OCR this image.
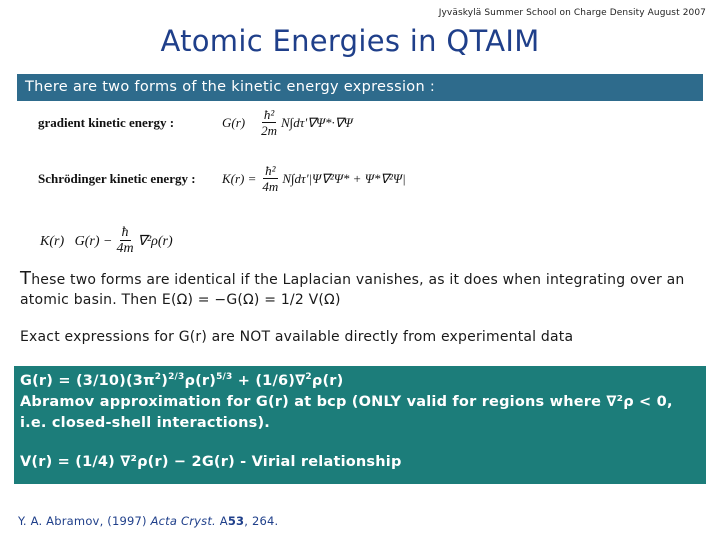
Jyväskylä Summer School on Charge Density August 2007
Atomic Energies in QTAIM
There are two forms of the kinetic energy expression :
gradient kinetic energy :	$G(r) \frac{\text{ħ²}}{2m} N\int d\tau'\nabla\Psi*\cdot\nabla\Psi$
Schrödinger kinetic energy :	$K(r) = \frac{\text{ħ²}}{4m} N\int d\tau'|\Psi\nabla^2\Psi* + \Psi*\nabla^2\Psi|$
K(r)   $G(r) - \frac{ħ}{4m} \nabla^2\rho(r)$
These two forms are identical if the Laplacian vanishes, as it does when integrating over an atomic basin. Then E(Ω) = −G(Ω) = 1/2 V(Ω)
Exact expressions for G(r) are NOT available directly from experimental data
$G(r) = (3/10)(3\pi^2)^{2/3}\rho(r)^{5/3} + (1/6)\nabla^2\rho(r)$
Abramov approximation for G(r) at bcp (ONLY valid for regions where ∇²ρ < 0, i.e. closed-shell interactions).
V(r) = (1/4) ∇²ρ(r) − 2G(r) - Virial relationship
Y. A. Abramov, (1997) Acta Cryst. A53, 264.
